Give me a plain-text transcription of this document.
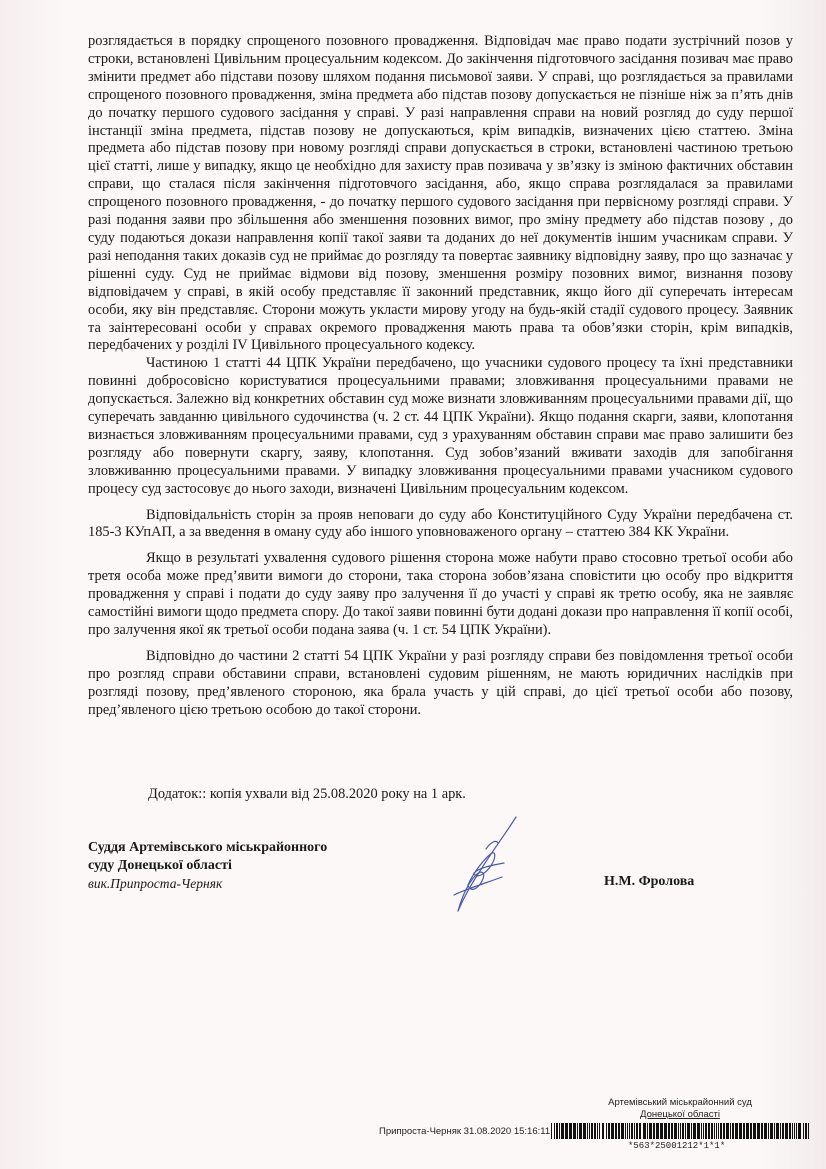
розглядається в порядку спрощеного позовного провадження. Відповідач має право подати зустрічний позов у строки, встановлені Цивільним процесуальним кодексом. До закінчення підготовчого засідання позивач має право змінити предмет або підстави позову шляхом подання письмової заяви. У справі, що розглядається за правилами спрощеного позовного провадження, зміна предмета або підстав позову допускається не пізніше ніж за п’ять днів до початку першого судового засідання у справі. У разі направлення справи на новий розгляд до суду першої інстанції зміна предмета, підстав позову не допускаються, крім випадків, визначених цією статтею. Зміна предмета або підстав позову при новому розгляді справи допускається в строки, встановлені частиною третьою цієї статті, лише у випадку, якщо це необхідно для захисту прав позивача у зв’язку із зміною фактичних обставин справи, що сталася після закінчення підготовчого засідання, або, якщо справа розглядалася за правилами спрощеного позовного провадження, - до початку першого судового засідання при первісному розгляді справи. У разі подання заяви про збільшення або зменшення позовних вимог, про зміну предмету або підстав позову , до суду подаються докази направлення копії такої заяви та доданих до неї документів іншим учасникам справи. У разі неподання таких доказів суд не приймає до розгляду та повертає заявнику відповідну заяву, про що зазначає у рішенні суду. Суд не приймає відмови від позову, зменшення розміру позовних вимог, визнання позову відповідачем у справі, в якій особу представляє її законний представник, якщо його дії суперечать інтересам особи, яку він представляє. Сторони можуть укласти мирову угоду на будь-якій стадії судового процесу. Заявник та заінтересовані особи у справах окремого провадження мають права та обов’язки сторін, крім випадків, передбачених у розділі IV Цивільного процесуального кодексу.

Частиною 1 статті 44 ЦПК України передбачено, що учасники судового процесу та їхні представники повинні добросовісно користуватися процесуальними правами; зловживання процесуальними правами не допускається. Залежно від конкретних обставин суд може визнати зловживанням процесуальними правами дії, що суперечать завданню цивільного судочинства (ч. 2 ст. 44 ЦПК України). Якщо подання скарги, заяви, клопотання визнається зловживанням процесуальними правами, суд з урахуванням обставин справи має право залишити без розгляду або повернути скаргу, заяву, клопотання. Суд зобов’язаний вживати заходів для запобігання зловживанню процесуальними правами. У випадку зловживання процесуальними правами учасником судового процесу суд застосовує до нього заходи, визначені Цивільним процесуальним кодексом.

Відповідальність сторін за прояв неповаги до суду або Конституційного Суду України передбачена ст. 185-3 КУпАП, а за введення в оману суду або іншого уповноваженого органу – статтею 384 КК України.

Якщо в результаті ухвалення судового рішення сторона може набути право стосовно третьої особи або третя особа може пред’явити вимоги до сторони, така сторона зобов’язана сповістити цю особу про відкриття провадження у справі і подати до суду заяву про залучення її до участі у справі як третю особу, яка не заявляє самостійні вимоги щодо предмета спору. До такої заяви повинні бути додані докази про направлення її копії особі, про залучення якої як третьої особи подана заява (ч. 1 ст. 54 ЦПК України).

Відповідно до частини 2 статті 54 ЦПК України у разі розгляду справи без повідомлення третьої особи про розгляд справи обставини справи, встановлені судовим рішенням, не мають юридичних наслідків при розгляді позову, пред’явленого стороною, яка брала участь у цій справі, до цієї третьої особи або позову, пред’явленого цією третьою особою до такої сторони.

Додаток:: копія ухвали від 25.08.2020 року на 1 арк.
Суддя Артемівського міськрайонного
суду Донецької області
вик.Припроста-Черняк	Н.М. Фролова
Артемівський міськрайонний суд
Донецької області
Припроста-Черняк 31.08.2020 15:16:11
*563*25001212*1*1*
